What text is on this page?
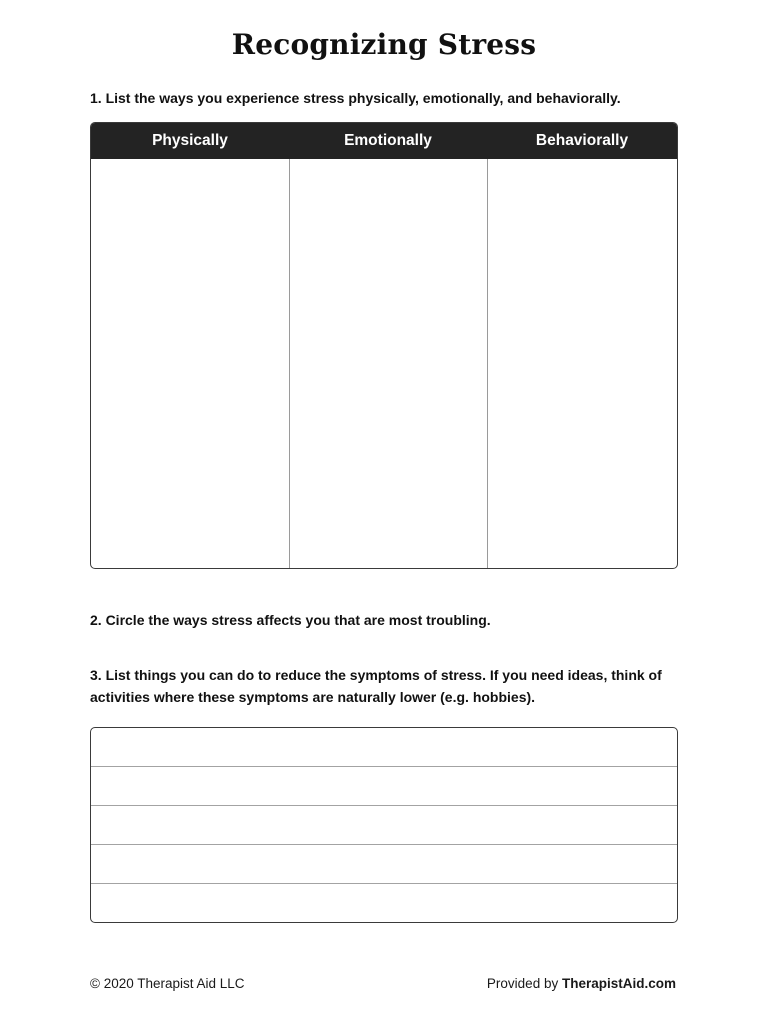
Recognizing Stress
1. List the ways you experience stress physically, emotionally, and behaviorally.
Physically	Emotionally	Behaviorally
2. Circle the ways stress affects you that are most troubling.
3. List things you can do to reduce the symptoms of stress. If you need ideas, think of activities where these symptoms are naturally lower (e.g. hobbies).
© 2020 Therapist Aid LLC	Provided by TherapistAid.com
